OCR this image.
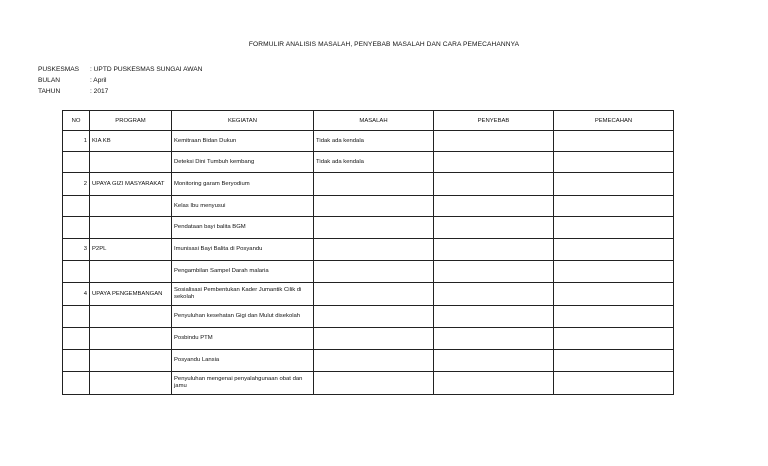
FORMULIR ANALISIS MASALAH, PENYEBAB MASALAH DAN CARA PEMECAHANNYA
PUSKESMAS	: UPTD PUSKESMAS SUNGAI AWAN
BULAN	: April
TAHUN	: 2017
NO	PROGRAM	KEGIATAN	MASALAH	PENYEBAB	PEMECAHAN

1	KIA KB	Kemitraan Bidan Dukun	Tidak ada kendala		

		Deteksi Dini Tumbuh kembang	Tidak ada kendala		

2	UPAYA GIZI MASYARAKAT	Monitoring garam Beryodium			

		Kelas Ibu menyusui			

		Pendataan bayi balita BGM			

3	P2PL	Imunisasi Bayi Balita di Posyandu			

		Pengambilan Sampel Darah malaria			

4	UPAYA PENGEMBANGAN	Sosialisasi Pembentukan Kader Jumantik Cilik di sekolah			

		Penyuluhan kesehatan Gigi dan Mulut disekolah			

		Posbindu PTM			

		Posyandu Lansia			

		Penyuluhan mengenai penyalahgunaan obat dan jamu			
